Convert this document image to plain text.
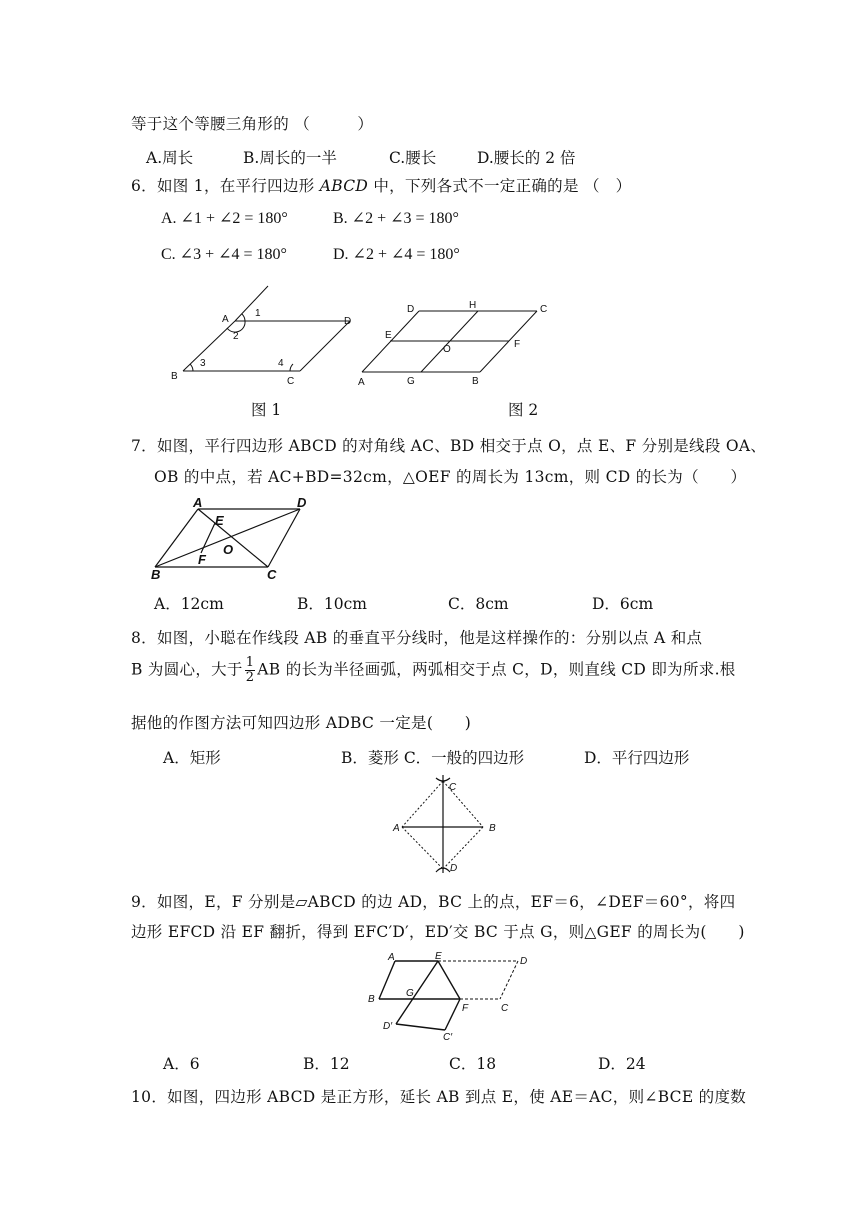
等于这个等腰三角形的 （　　　）
A.周长	B.周长的一半	C.腰长	D.腰长的 2 倍
6．如图 1，在平行四边形 ABCD 中，下列各式不一定正确的是 （　）
A. ∠1 + ∠2 = 180°	B. ∠2 + ∠3 = 180°
C. ∠3 + ∠4 = 180°	D. ∠2 + ∠4 = 180°
A
1
2
D
B
3	4
C
D	H	C
E
O	F
A	G	B
图 1	图 2
7．如图，平行四边形 ABCD 的对角线 AC、BD 相交于点 O，点 E、F 分别是线段 OA、
OB 的中点，若 AC+BD=32cm，△OEF 的周长为 13cm，则 CD 的长为（　　）
A	D
E
O
F
B	C
A．12cm	B．10cm	C．8cm	D．6cm
8．如图，小聪在作线段 AB 的垂直平分线时，他是这样操作的：分别以点 A 和点
B 为圆心，大于 $\frac{1}{2}$ AB 的长为半径画弧，两弧相交于点 C，D，则直线 CD 即为所求.根
据他的作图方法可知四边形 ADBC 一定是(　　)
A．矩形	B．菱形 C．一般的四边形	D．平行四边形
C
A	B
D
9．如图，E，F 分别是▱ABCD 的边 AD，BC 上的点，EF＝6，∠DEF＝60°，将四
边形 EFCD 沿 EF 翻折，得到 EFC′D′，ED′交 BC 于点 G，则△GEF 的周长为(　　)
A	E	D
B
G
C
F
D′
C′
A．6	B．12	C．18	D．24
10．如图，四边形 ABCD 是正方形，延长 AB 到点 E，使 AE＝AC，则∠BCE 的度数
